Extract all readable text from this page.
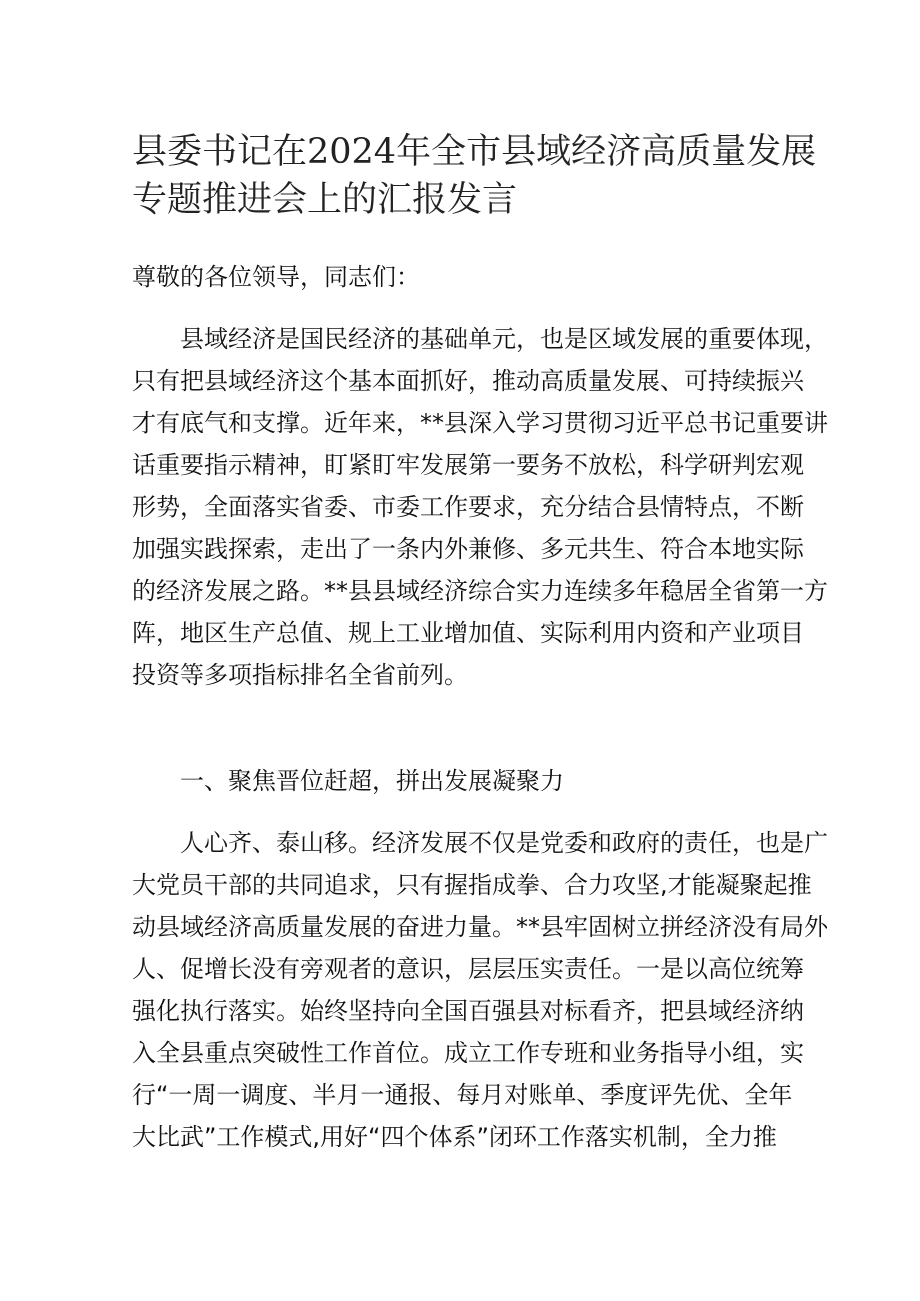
县委书记在2024年全市县域经济高质量发展
专题推进会上的汇报发言
尊敬的各位领导，同志们：
　　县域经济是国民经济的基础单元，也是区域发展的重要体现，
只有把县域经济这个基本面抓好，推动高质量发展、可持续振兴
才有底气和支撑。近年来，**县深入学习贯彻习近平总书记重要讲
话重要指示精神，盯紧盯牢发展第一要务不放松，科学研判宏观
形势，全面落实省委、市委工作要求，充分结合县情特点，不断
加强实践探索，走出了一条内外兼修、多元共生、符合本地实际
的经济发展之路。**县县域经济综合实力连续多年稳居全省第一方
阵，地区生产总值、规上工业增加值、实际利用内资和产业项目
投资等多项指标排名全省前列。
　　一、聚焦晋位赶超，拼出发展凝聚力
　　人心齐、泰山移。经济发展不仅是党委和政府的责任，也是广
大党员干部的共同追求，只有握指成拳、合力攻坚,才能凝聚起推
动县域经济高质量发展的奋进力量。**县牢固树立拼经济没有局外
人、促增长没有旁观者的意识，层层压实责任。一是以高位统筹
强化执行落实。始终坚持向全国百强县对标看齐，把县域经济纳
入全县重点突破性工作首位。成立工作专班和业务指导小组，实
行“一周一调度、半月一通报、每月对账单、季度评先优、全年
大比武”工作模式,用好“四个体系”闭环工作落实机制，全力推
